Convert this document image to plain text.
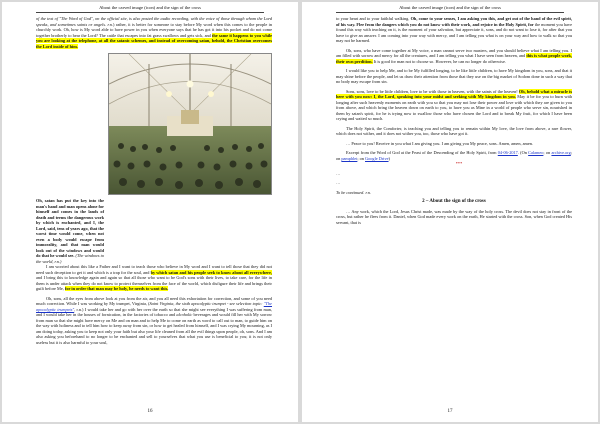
About the carved image (icon) and the sign of the cross

of the text of "The Word of God", on the official site, is also posted the audio recording, with the voice of those through whom the Lord speaks, and sometimes saints or angels. r.n.) rather, it is better for someone to stay before My word when this comes to the people in churchly work. Oh, how is My word able to have power in you when everyone says that he has got it into his pocket and do not come together brotherly to hear the Lord? The cattle that escapes into fat grass swallows and gets sick, and the same it happens to you while you are looking at the telephone, at all the satanic schemes, and instead of overcoming satan, behold, the Christian overcomes the Lord inside of him.

Oh, satan has put the key into the man's hand and man opens alone for himself and comes in the lands of death and teems the dangerous work by which is enchanted, and I, the Lord, said, tens of years ago, that the worst time would come, when not even a body would escape from immorality, and that man would look out of the windows and would do that he would see. (The windows to the world, r.n.)

I am worried about this like a Father and I want to teach those who believe in My word and I want to tell those that they did not need such deception to get it and which is a trap for the soul, and by which satan and his people seek to know about all everywhere, and I bring this to knowledge again and again so that all those who want to be God's sons with their lives, to take care, for the life in them is under attack when they do not know to protect themselves from the face of the world, which disfigure their life and brings their guilt before Me, for in order that man may be holy, he needs to want this.

Oh, sons, all the eyes from above look at you from the air, and you all need this exhortation for correction, and some of you need much correction. While I was working by My trumpet, Virginia, (Saint Virginia, the sixth apocalyptic trumpet - see selection topic: "The apocalyptic trumpets", r.n.) I would take her and go with her over the earth so that she might see everything I was suffering from man, and I would take her in the houses of fornication, in the factories of tobacco and alcoholic beverages and would fill her with My sorrow from man so that she might have mercy on Me and on man and to help Me to come on earth as word to call out to man, to guide him on the way with holiness and to tell him how to keep away from sin, or how to get healed from himself, and I was crying My mourning, as I am doing today, asking you to keep not only your faith but also your life cleaned from all the evil things upon people, oh, sons. And I am also asking you beforehand to no longer to be enchanted and sell to yourselves that what you use is beneficial to you; it is not only useless but it is also harmful to your soul,

16
About the carved image (icon) and the sign of the cross

to your heart and to your faithful walking. Oh, come to your senses, I am asking you this, and get out of the hand of the evil spirit, of his way. Flee from the dangers which you do not know with their work, and rejoice in the Holy Spirit, for the moment you have found this way with teaching on it, is the moment of your salvation, but appreciate it, sons, and do not want to lose it, for after that you have to give an answer. I am coming into your way with mercy, and I am telling you what is on your way and how to walk so that you may not be harmed.

Oh, sons, who have come together at My voice, a man cannot serve two masters, and you should believe what I am telling you. I am filled with sorrow and mercy for all the creatures, and I am telling you what I have seen from heaven, and this is what people work, their own perdition. It is good for man not to choose so. However, he can no longer do otherwise.

I would like you to help Me, and to be My fulfilled longing, to be like little children, to have My kingdom in you, sons, and that it may shine before the people, and let us draw their attention from those that they use on the big market of Sodom done in such a way that no body may escape from sin.

Sons, sons, love to be little children, love to be with those in heaven, with the saints of the heaven! Oh, behold what a miracle is here with you now: I, the Lord, speaking into your midst and seeking with My kingdom in you. May it be for you to burn with longing after such heavenly moments on earth with you so that you may not lose their power and love with which they are given to you from above, and which bring the heaven down on earth to you, to have you as Mine in a world of people who serve sin, nourished in them by satan's spirit, for he is trying now to swallow those who have chosen the Lord and to break My fruit, for which I have been crying and waited so much.

The Holy Spirit, the Comforter, is teaching you and telling you to remain within My love, the love from above, a rare flower, which does not wither, and it does not wither you, too, those who have got it.

… Peace to you! Receive in you what I am giving you. I am giving you My peace, sons. Amen, amen, amen.

Excerpt from the Word of God at the Feast of the Descending of the Holy Spirit, from 04-06-2017. (On Calameo; on archive.org; on pamphlet; on Google Drive)

***

…

…

To be continued. r.n.

2 – About the sign of the cross

… Any work, which the Lord, Jesus Christ made, was made by the way of the holy cross. The devil does not stay in front of the cross, but rather he flees from it. Daniel, when God made every work on the earth, He started with the cross. Son, when God created His servant, that is

17
